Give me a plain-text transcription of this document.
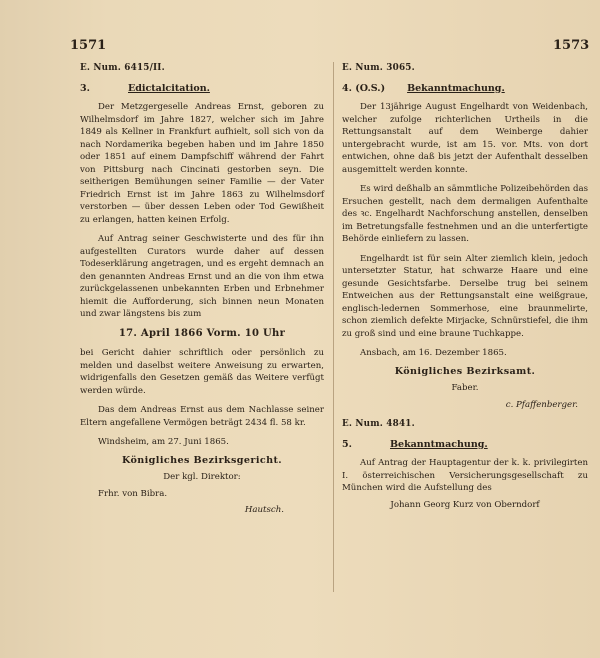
1571	1573
E. Num. 6415/II.
3.	Edictalcitation.

Der Metzgergeselle Andreas Ernst, geboren zu Wilhelmsdorf im Jahre 1827, welcher sich im Jahre 1849 als Kellner in Frankfurt aufhielt, soll sich von da nach Nordamerika begeben haben und im Jahre 1850 oder 1851 auf einem Dampfschiff während der Fahrt von Pittsburg nach Cincinati gestorben seyn. Die seitherigen Bemühungen seiner Familie — der Vater Friedrich Ernst ist im Jahre 1863 zu Wilhelmsdorf verstorben — über dessen Leben oder Tod Gewißheit zu erlangen, hatten keinen Erfolg.

Auf Antrag seiner Geschwisterte und des für ihn aufgestellten Curators wurde daher auf dessen Todeserklärung angetragen, und es ergeht demnach an den genannten Andreas Ernst und an die von ihm etwa zurückgelassenen unbekannten Erben und Erbnehmer hiemit die Aufforderung, sich binnen neun Monaten und zwar längstens bis zum

17. April 1866 Vorm. 10 Uhr

bei Gericht dahier schriftlich oder persönlich zu melden und daselbst weitere Anweisung zu erwarten, widrigenfalls den Gesetzen gemäß das Weitere verfügt werden würde.

Das dem Andreas Ernst aus dem Nachlasse seiner Eltern angefallene Vermögen beträgt 2434 fl. 58 kr.

Windsheim, am 27. Juni 1865.

Königliches Bezirksgericht.

Der kgl. Direktor:

Frhr. von Bibra.

Hautsch.

E. Num. 3065.
4. (O.S.) Bekanntmachung.

Der 13jährige August Engelhardt von Weidenbach, welcher zufolge richterlichen Urtheils in die Rettungsanstalt auf dem Weinberge dahier untergebracht wurde, ist am 15. vor. Mts. von dort entwichen, ohne daß bis jetzt der Aufenthalt desselben ausgemittelt werden konnte.

Es wird deßhalb an sämmtliche Polizeibehörden das Ersuchen gestellt, nach dem dermaligen Aufenthalte des ꝛc. Engelhardt Nachforschung anstellen, denselben im Betretungsfalle festnehmen und an die unterfertigte Behörde einliefern zu lassen.

Engelhardt ist für sein Alter ziemlich klein, jedoch untersetzter Statur, hat schwarze Haare und eine gesunde Gesichtsfarbe. Derselbe trug bei seinem Entweichen aus der Rettungsanstalt eine weißgraue, englisch-ledernen Sommerhose, eine braunmelirte, schon ziemlich defekte Mirjacke, Schnürstiefel, die ihm zu groß sind und eine braune Tuchkappe.

Ansbach, am 16. Dezember 1865.

Königliches Bezirksamt.

Faber.

c. Pfaffenberger.

E. Num. 4841.
5.	Bekanntmachung.

Auf Antrag der Hauptagentur der k. k. privilegirten I. österreichischen Versicherungsgesellschaft zu München wird die Aufstellung des

Johann Georg Kurz von Oberndorf
